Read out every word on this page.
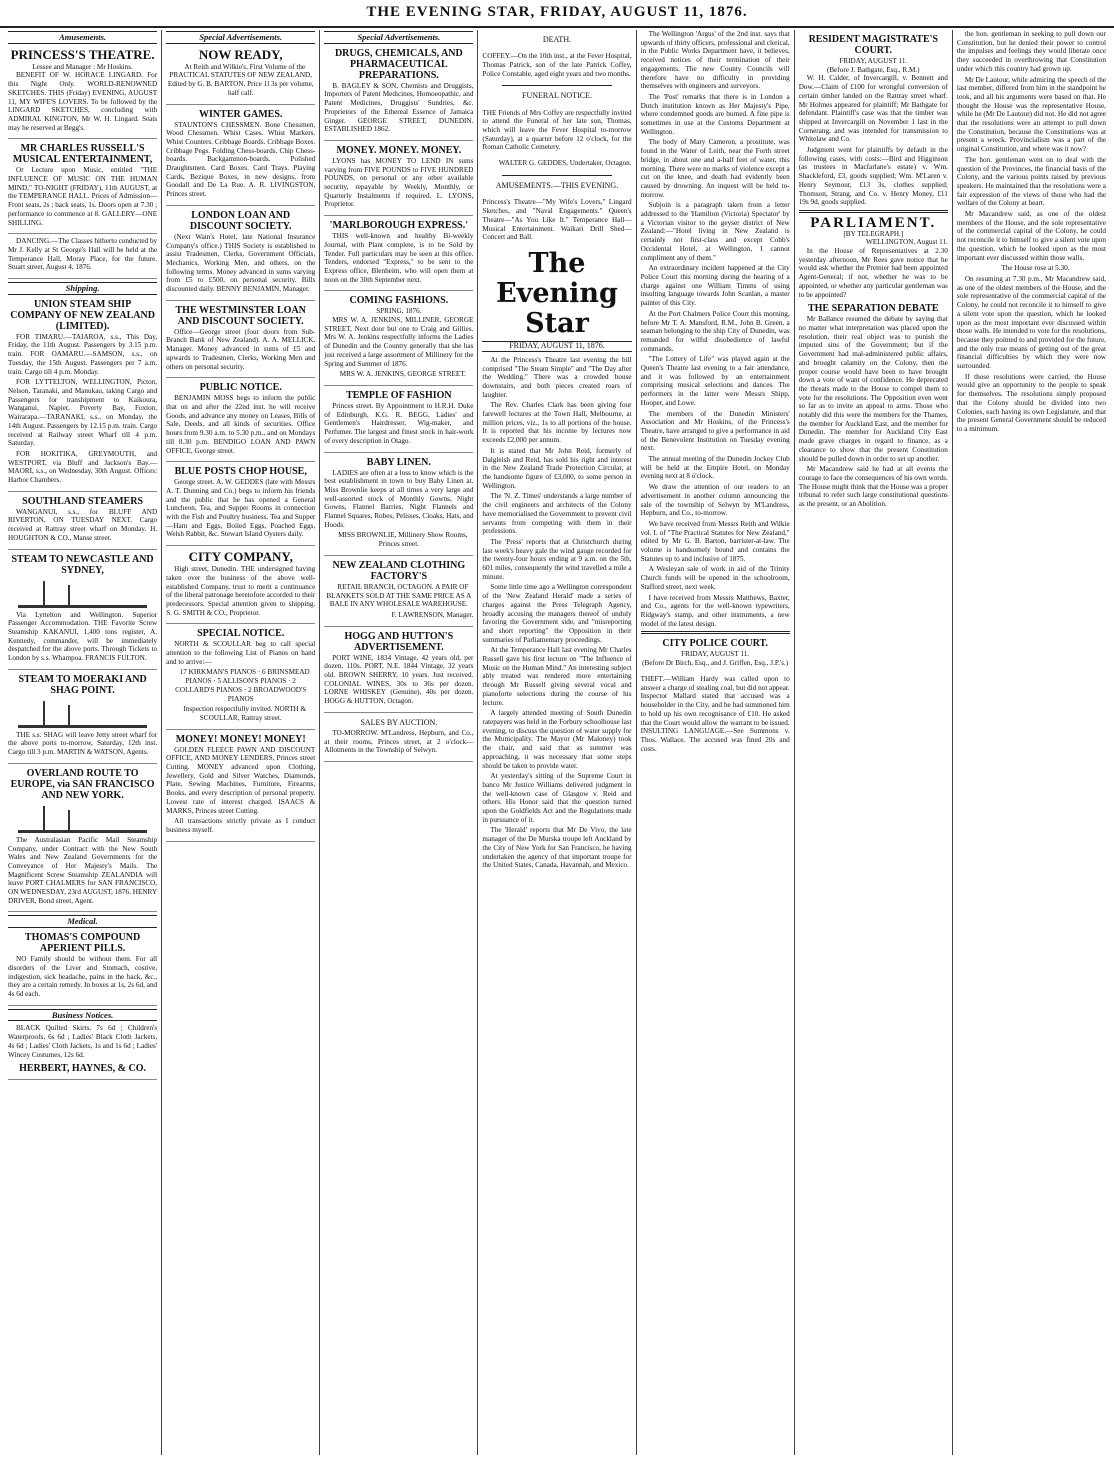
THE EVENING STAR, FRIDAY, AUGUST 11, 1876.
Amusements.
PRINCESS'S THEATRE.
Lessee and Manager : Mr Hoskins.

BENEFIT OF W. HORACE LINGARD. For this Night Only. WORLD-RENOWNED SKETCHES. THIS (Friday) EVENING, AUGUST 11, MY WIFE'S LOVERS. To be followed by the LINGARD SKETCHES, concluding with ADMIRAL KINGTON, Mr W. H. Lingard. Seats may be reserved at Begg's.

MR CHARLES RUSSELL'S MUSICAL ENTERTAINMENT,

Or Lecture upon Music, entitled "THE INFLUENCE OF MUSIC ON THE HUMAN MIND," TO-NIGHT (FRIDAY), 11th AUGUST, at the TEMPERANCE HALL. Prices of Admission—Front seats, 2s ; back seats, 1s. Doors open at 7.30 ; performance to commence at 8. GALLERY—ONE SHILLING.

DANCING.—The Classes hitherto conducted by Mr J. Kelly at St George's Hall will be held at the Temperance Hall, Moray Place, for the future. Stuart street, August 4, 1876.

Shipping.
UNION STEAM SHIP COMPANY OF NEW ZEALAND (LIMITED).

FOR TIMARU.—TAIAROA, s.s., This Day, Friday, the 11th August. Passengers by 3.15 p.m. train. FOR OAMARU.—SAMSON, s.s., on Tuesday, the 15th August. Passengers per 7 a.m. train. Cargo till 4 p.m. Monday.

FOR LYTTELTON, WELLINGTON, Picton, Nelson, Taranaki, and Manukau, taking Cargo and Passengers for transhipment to Kaikoura, Wanganui, Napier, Poverty Bay, Foxton, Wairarapa.—TARANAKI, s.s., on Monday, the 14th August. Passengers by 12.15 p.m. train. Cargo received at Railway street Wharf till 4 p.m. Saturday.

FOR HOKITIKA, GREYMOUTH, and WESTPORT, via Bluff and Jackson's Bay.—MAORI, s.s., on Wednesday, 30th August. Offices: Harbor Chambers.

SOUTHLAND STEAMERS

WANGANUI, s.s., for BLUFF AND RIVERTON, ON TUESDAY NEXT. Cargo received at Rattray street wharf on Monday. H. HOUGHTON & CO., Manse street.

STEAM TO NEWCASTLE AND SYDNEY,

Via Lyttelton and Wellington. Superior Passenger Accommodation. THE Favorite Screw Steamship KAKANUI, 1,400 tons register, A. Kennedy, commander, will be immediately despatched for the above ports. Through Tickets to London by s.s. Whampoa. FRANCIS FULTON.

STEAM TO MOERAKI AND SHAG POINT.

THE s.s. SHAG will leave Jetty street wharf for the above ports to-morrow, Saturday, 12th inst. Cargo till 3 p.m. MARTIN & WATSON, Agents.

OVERLAND ROUTE TO EUROPE, via SAN FRANCISCO AND NEW YORK.

The Australasian Pacific Mail Steamship Company, under Contract with the New South Wales and New Zealand Governments for the Conveyance of Her Majesty's Mails. The Magnificent Screw Steamship ZEALANDIA will leave PORT CHALMERS for SAN FRANCISCO, ON WEDNESDAY, 23rd AUGUST, 1876. HENRY DRIVER, Bond street, Agent.

Medical.
THOMAS'S COMPOUND APERIENT PILLS.

NO Family should be without them. For all disorders of the Liver and Stomach, costive, indigestion, sick headache, pains in the back, &c., they are a certain remedy. In boxes at 1s, 2s 6d, and 4s 6d each.

Business Notices.

BLACK Quilted Skirts, 7s 6d ; Children's Waterproofs, 6s 6d ; Ladies' Black Cloth Jackets, 4s 6d ; Ladies' Cloth Jackets, 1s and 1s 6d ; Ladies' Wincey Costumes, 12s 6d.

HERBERT, HAYNES, & CO.
Special Advertisements.
NOW READY,

At Reith and Wilkie's, First Volume of the PRACTICAL STATUTES OF NEW ZEALAND, Edited by G. B. BARTON. Price 1l 3s per volume, half calf.

WINTER GAMES.

STAUNTON'S CHESSMEN. Bone Chessmen. Wood Chessmen. Whist Cases. Whist Markers. Whist Counters. Cribbage Boards. Cribbage Boxes. Cribbage Pegs. Folding Chess-boards. Chip Chess-boards. Backgammon-boards. Polished Draughtsmen. Card Boxes. Card Trays. Playing Cards, Bezique Boxes, in new designs, from Goodall and De La Rue. A. R. LIVINGSTON, Princes street.

LONDON LOAN AND DISCOUNT SOCIETY.

(Next Wain's Hotel, late National Insurance Company's office.) THIS Society is established to assist Tradesmen, Clerks, Government Officials, Mechanics, Working Men, and others, on the following terms. Money advanced in sums varying from £5 to £500, on personal security. Bills discounted daily. BENNY BENJAMIN, Manager.

THE WESTMINSTER LOAN AND DISCOUNT SOCIETY.

Office—George street (four doors from Sub-Branch Bank of New Zealand). A. A. MELLICK, Manager. Money advanced in sums of £5 and upwards to Tradesmen, Clerks, Working Men and others on personal security.

PUBLIC NOTICE.

BENJAMIN MOSS begs to inform the public that on and after the 22nd inst. he will receive Goods, and advance any money on Leases, Bills of Sale, Deeds, and all kinds of securities. Office hours from 9.30 a.m. to 5.30 p.m., and on Mondays till 8.30 p.m. BENDIGO LOAN AND PAWN OFFICE, George street.

BLUE POSTS CHOP HOUSE,

George street. A. W. GEDDES (late with Messrs A. T. Dunning and Co.) begs to inform his friends and the public that he has opened a General Luncheon, Tea, and Supper Rooms in connection with the Fish and Poultry business. Tea and Supper—Ham and Eggs, Boiled Eggs, Poached Eggs, Welsh Rabbit, &c. Stewart Island Oysters daily.

CITY COMPANY,

High street, Dunedin. THE undersigned having taken over the business of the above well-established Company, trust to merit a continuance of the liberal patronage heretofore accorded to their predecessors. Special attention given to shipping. S. G. SMITH & CO., Proprietor.

SPECIAL NOTICE.

NORTH & SCOULLAR beg to call special attention to the following List of Pianos on hand and to arrive:—

17 KIRKMAN'S PIANOS · 6 BRINSMEAD PIANOS · 5 ALLISON'S PIANOS · 2 COLLARD'S PIANOS · 2 BROADWOOD'S PIANOS

Inspection respectfully invited. NORTH & SCOULLAR, Rattray street.

MONEY! MONEY! MONEY!

GOLDEN FLEECE PAWN AND DISCOUNT OFFICE, AND MONEY LENDERS, Princes street Cutting. MONEY advanced upon Clothing, Jewellery, Gold and Silver Watches, Diamonds, Plate, Sewing Machines, Furniture, Firearms, Books, and every description of personal property. Lowest rate of interest charged. ISAACS & MARKS, Princes street Cutting.

All transactions strictly private as I conduct business myself.

Special Advertisements.
DRUGS, CHEMICALS, AND PHARMACEUTICAL PREPARATIONS.

B. BAGLEY & SON, Chemists and Druggists, Importers of Patent Medicines, Homoeopathic, and Patent Medicines, Druggists' Sundries, &c. Proprietors of the Ethereal Essence of Jamaica Ginger. GEORGE STREET, DUNEDIN. ESTABLISHED 1862.

MONEY. MONEY. MONEY.

LYONS has MONEY TO LEND IN sums varying from FIVE POUNDS to FIVE HUNDRED POUNDS, on personal or any other available security, repayable by Weekly, Monthly, or Quarterly Instalments if required. L. LYONS, Proprietor.

'MARLBOROUGH EXPRESS.'

THIS well-known and healthy Bi-weekly Journal, with Plant complete, is to be Sold by Tender. Full particulars may be seen at this office. Tenders, endorsed "Express," to be sent to the Express office, Blenheim, who will open them at noon on the 30th September next.

COMING FASHIONS.
SPRING, 1876.

MRS W. A. JENKINS, MILLINER, GEORGE STREET, Next door but one to Craig and Gillies. Mrs W. A. Jenkins respectfully informs the Ladies of Dunedin and the Country generally that she has just received a large assortment of Millinery for the Spring and Summer of 1876.

MRS W. A. JENKINS, GEORGE STREET.

TEMPLE OF FASHION

Princes street. By Appointment to H.R.H. Duke of Edinburgh, K.G. R. BEGG, Ladies' and Gentlemen's Hairdresser, Wig-maker, and Perfumer. The largest and finest stock in hair-work of every description in Otago.

BABY LINEN.

LADIES are often at a loss to know which is the best establishment in town to buy Baby Linen at. Miss Brownlie keeps at all times a very large and well-assorted stock of Monthly Gowns, Night Gowns, Flannel Barries, Night Flannels and Flannel Squares, Robes, Pelisses, Cloaks, Hats, and Hoods.

MISS BROWNLIE, Millinery Show Rooms, Princes street.

NEW ZEALAND CLOTHING FACTORY'S

RETAIL BRANCH, OCTAGON. A PAIR OF BLANKETS SOLD AT THE SAME PRICE AS A BALE IN ANY WHOLESALE WAREHOUSE.

F. LAWRENSON, Manager.

HOGG AND HUTTON'S ADVERTISEMENT.

PORT WINE, 1834 Vintage, 42 years old, per dozen, 110s. PORT, N.E. 1844 Vintage, 32 years old. BROWN SHERRY, 10 years. Just received. COLONIAL WINES, 30s to 36s per dozen. LORNE WHISKEY (Genuine), 40s per dozen. HOGG & HUTTON, Octagon.

SALES BY AUCTION.

TO-MORROW. M'Landress, Hepburn, and Co., at their rooms, Princes street, at 2 o'clock—Allotments in the Township of Selwyn.

DEATH.

COFFEY.—On the 10th inst., at the Fever Hospital, Thomas Patrick, son of the late Patrick Coffey, Police Constable, aged eight years and two months.

FUNERAL NOTICE.

THE Friends of Mrs Coffey are respectfully invited to attend the Funeral of her late son, Thomas, which will leave the Fever Hospital to-morrow (Saturday), at a quarter before 12 o'clock, for the Roman Catholic Cemetery.

WALTER G. GEDDES, Undertaker, Octagon.

AMUSEMENTS.—THIS EVENING.

Princess's Theatre—"My Wife's Lovers," Lingard Sketches, and "Naval Engagements." Queen's Theatre—"As You Like It." Temperance Hall—Musical Entertainment. Waikari Drill Shed—Concert and Ball.

The Evening Star
FRIDAY, AUGUST 11, 1876.

At the Princess's Theatre last evening the bill comprised "The Steam Simple" and "The Day after the Wedding." There was a crowded house downstairs, and both pieces created roars of laughter.

The Rev. Charles Clark has been giving four farewell lectures at the Town Hall, Melbourne, at million prices, viz., 1s to all portions of the house. It is reported that his income by lectures now exceeds £2,000 per annum.

It is stated that Mr John Reid, formerly of Dalgleish and Reid, has sold his right and interest in the New Zealand Trade Protection Circular, at the handsome figure of £3,000, to some person in Wellington.

The 'N. Z. Times' understands a large number of the civil engineers and architects of the Colony have memorialised the Government to prevent civil servants from competing with them in their professions.

The 'Press' reports that at Christchurch during last week's heavy gale the wind gauge recorded for the twenty-four hours ending at 9 a.m. on the 5th, 601 miles, consequently the wind travelled a mile a minute.

Some little time ago a Wellington correspondent of the 'New Zealand Herald' made a series of charges against the Press Telegraph Agency, broadly accusing the managers thereof of unduly favoring the Government side, and "misreporting and short reporting" the Opposition in their summaries of Parliamentary proceedings.

At the Temperance Hall last evening Mr Charles Russell gave his first lecture on "The Influence of Music on the Human Mind." An interesting subject ably treated was rendered more entertaining through Mr Russell giving several vocal and pianoforte selections during the course of his lecture.

A largely attended meeting of South Dunedin ratepayers was held in the Forbury schoolhouse last evening, to discuss the question of water supply for the Municipality. The Mayor (Mr Maloney) took the chair, and said that as summer was approaching, it was necessary that some steps should be taken to provide water.

At yesterday's sitting of the Supreme Court in banco Mr Justice Williams delivered judgment in the well-known case of Glasgow v. Reid and others. His Honor said that the question turned upon the Goldfields Act and the Regulations made in pursuance of it.

The 'Herald' reports that Mr De Vivo, the late manager of the De Murska troupe left Auckland by the City of New York for San Francisco, he having undertaken the agency of that important troupe for the United States, Canada, Havannah, and Mexico.

The Wellington 'Argus' of the 2nd inst. says that upwards of thirty officers, professional and clerical, in the Public Works Department have, it believes, received notices of their termination of their engagements. The new County Councils will therefore have no difficulty in providing themselves with engineers and surveyors.

The 'Post' remarks that there is in London a Dutch institution known as Her Majesty's Pipe, where condemned goods are burned. A fine pipe is sometimes in use at the Customs Department at Wellington.

The body of Mary Cameron, a prostitute, was found in the Water of Leith, near the Forth street bridge, in about one and a-half feet of water, this morning. There were no marks of violence except a cut on the knee, and death had evidently been caused by drowning. An inquest will be held to-morrow.

Subjoin is a paragraph taken from a letter addressed to the 'Hamilton (Victoria) Spectator' by a Victorian visitor to the geyser district of New Zealand:—"Hotel living in New Zealand is certainly not first-class and except Cobb's Occidental Hotel, at Wellington, I cannot compliment any of them."

An extraordinary incident happened at the City Police Court this morning during the hearing of a charge against one William Timms of using insulting language towards John Scanlan, a master painter of this City.

At the Port Chalmers Police Court this morning, before Mr T. A. Mansford, R.M., John B. Green, a seaman belonging to the ship City of Dunedin, was remanded for wilful disobedience of lawful commands.

"The Lottery of Life" was played again at the Queen's Theatre last evening to a fair attendance, and it was followed by an entertainment comprising musical selections and dances. The performers in the latter were Messrs Shipp, Hooper, and Lowe.

The members of the Dunedin Ministers' Association and Mr Hoskins, of the Princess's Theatre, have arranged to give a performance in aid of the Benevolent Institution on Tuesday evening next.

The annual meeting of the Dunedin Jockey Club will be held at the Empire Hotel, on Monday evening next at 8 o'clock.

We draw the attention of our readers to an advertisement in another column announcing the sale of the township of Selwyn by M'Landress, Hepburn, and Co., to-morrow.

We have received from Messrs Reith and Wilkie vol. I. of "The Practical Statutes for New Zealand," edited by Mr G. B. Barton, barrister-at-law. The volume is handsomely bound and contains the Statutes up to and inclusive of 1875.

A Wesleyan sale of work in aid of the Trinity Church funds will be opened in the schoolroom, Stafford street, next week.

I have received from Messrs Matthews, Baxter, and Co., agents for the well-known typewriters, Ridgway's stamp, and other instruments, a new model of the latest design.

CITY POLICE COURT.
FRIDAY, AUGUST 11.
(Before Dr Birch, Esq., and J. Griffen, Esq., J.P.'s.)

THEFT.—William Hardy was called upon to answer a charge of stealing coal, but did not appear. Inspector Mallard stated that accused was a householder in the City, and he had summoned him to hold up his own recognisance of £10. He asked that the Court would allow the warrant to be issued. INSULTING LANGUAGE.—See Summons v. Thos. Wallace. The accused was fined 20s and costs.

RESIDENT MAGISTRATE'S COURT.
FRIDAY, AUGUST 11.
(Before J. Bathgate, Esq., R.M.)

W. H. Calder, of Invercargill, v. Bennett and Dow.—Claim of £100 for wrongful conversion of certain timber landed on the Rattray street wharf. Mr Holmes appeared for plaintiff; Mr Bathgate for defendant. Plaintiff's case was that the timber was shipped at Invercargill on November 1 last in the Cornerang, and was intended for transmission to Whitelaw and Co.

Judgment went for plaintiffs by default in the following cases, with costs:—Bird and Higginson (as trustees in Macfarlane's estate) v. Wm. Shackleford, £3, goods supplied; Wm. M'Laren v. Henry Seymour, £13 3s, clothes supplied; Thomson, Strang, and Co. v. Henry Money, £11 19s 9d, goods supplied.

PARLIAMENT.
[BY TELEGRAPH.]
WELLINGTON, August 11.

In the House of Representatives at 2.30 yesterday afternoon, Mr Rees gave notice that he would ask whether the Premier had been appointed Agent-General; if not, whether he was to be appointed, or whether any particular gentleman was to be appointed?

THE SEPARATION DEBATE

Mr Ballance resumed the debate by saying that no matter what interpretation was placed upon the resolution, their real object was to punish the imputed sins of the Government; but if the Government had mal-administered public affairs, and brought calamity on the Colony, then the proper course would have been to have brought down a vote of want of confidence. He deprecated the threats made to the House to compel them to vote for the resolutions. The Opposition even went so far as to invite an appeal to arms. Those who notably did this were the members for the Thames, the member for Auckland East, and the member for Dunedin. The member for Auckland City East made grave charges in regard to finance, as a clearance to show that the present Constitution should be pulled down in order to set up another.

Mr Macandrew said he had at all events the courage to face the consequences of his own words. The House might think that the House was a proper tribunal to refer such large constitutional questions as the present, or an Abolition.

the hon. gentleman in seeking to pull down our Constitution, but he denied their power to control the impulses and feelings they would liberate once they succeeded in overthrowing that Constitution under which this country had grown up.

Mr De Lautour, while admiring the speech of the last member, differed from him in the standpoint he took, and all his arguments were based on that. He thought the House was the representative House, while he (Mr De Lautour) did not. He did not agree that the resolutions were an attempt to pull down the Constitution, because the Constitutions was at present a wreck. Provincialism was a part of the original Constitution, and where was it now?

The hon. gentleman went on to deal with the question of the Provinces, the financial basis of the Colony, and the various points raised by previous speakers. He maintained that the resolutions were a fair expression of the views of those who had the welfare of the Colony at heart.

Mr Macandrew said, as one of the oldest members of the House, and the sole representative of the commercial capital of the Colony, he could not reconcile it to himself to give a silent vote upon the question, which he looked upon as the most important ever discussed within those walls.

The House rose at 5.30.

On resuming at 7.30 p.m., Mr Macandrew said, as one of the oldest members of the House, and the sole representative of the commercial capital of the Colony, he could not reconcile it to himself to give a silent vote upon the question, which he looked upon as the most important ever discussed within those walls. He intended to vote for the resolutions, because they pointed to and provided for the future, and the only true means of getting out of the great financial difficulties by which they were now surrounded.

If those resolutions were carried, the House would give an opportunity to the people to speak for themselves. The resolutions simply proposed that the Colony should be divided into two Colonies, each having its own Legislature, and that the present General Government should be reduced to a minimum.
